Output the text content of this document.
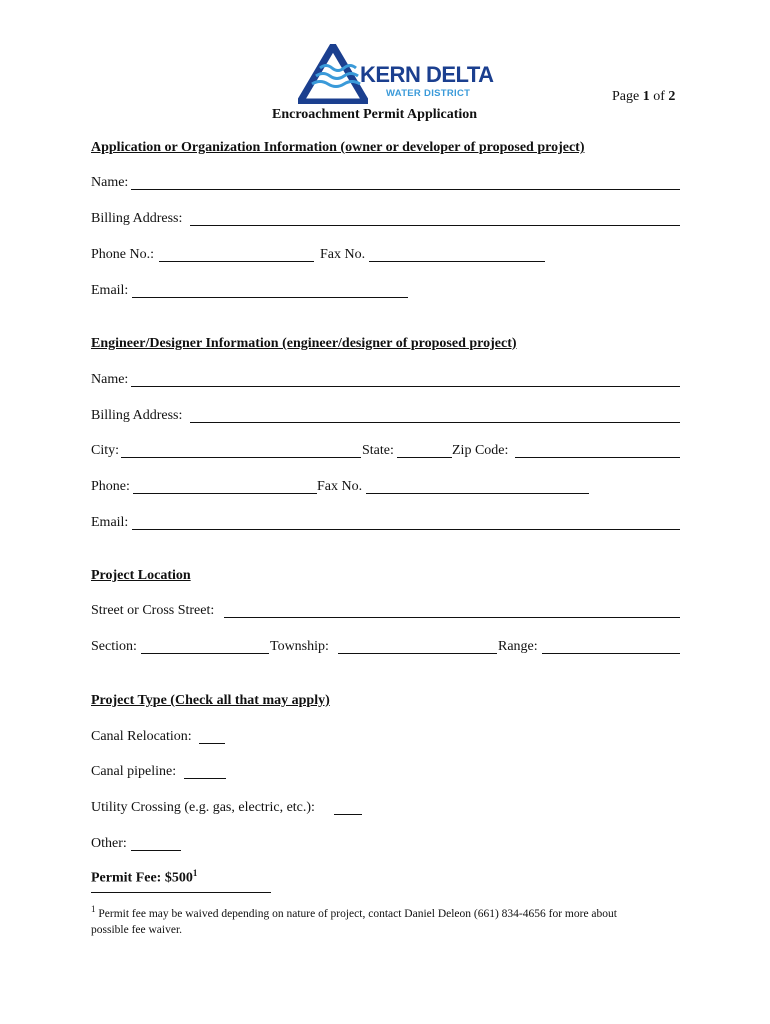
KERN DELTA
WATER DISTRICT	Page 1 of 2
Encroachment Permit Application
Application or Organization Information (owner or developer of proposed project)
Name:
Billing Address:
Phone No.:	Fax No.
Email:
Engineer/Designer Information (engineer/designer of proposed project)
Name:
Billing Address:
City:	State:	Zip Code:
Phone:	Fax No.
Email:
Project Location
Street or Cross Street:
Section:	Township:	Range:
Project Type (Check all that may apply)
Canal Relocation:
Canal pipeline:
Utility Crossing (e.g. gas, electric, etc.):
Other:
Permit Fee: $\$500^1$
$^1$ Permit fee may be waived depending on nature of project, contact Daniel Deleon (661) 834-4656 for more about
possible fee waiver.
